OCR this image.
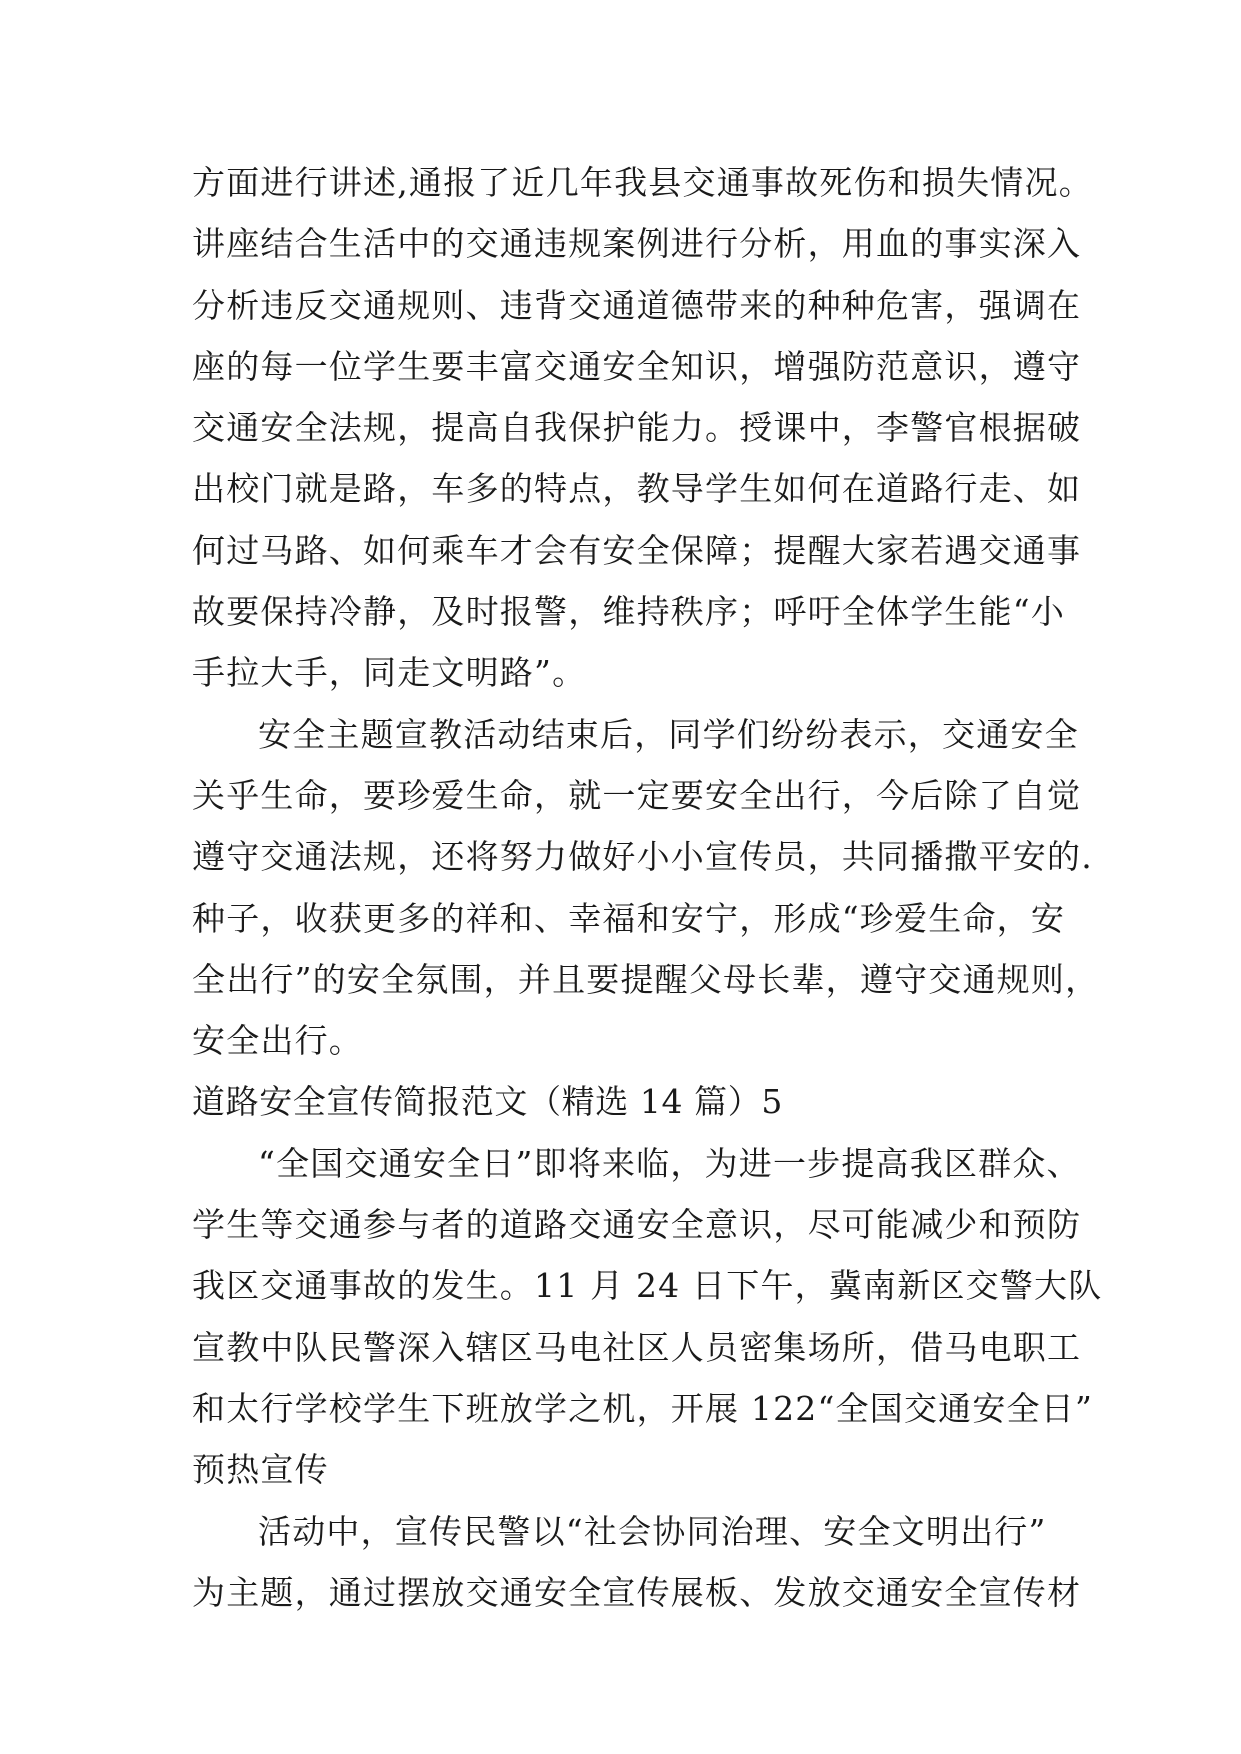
方面进行讲述,通报了近几年我县交通事故死伤和损失情况。
讲座结合生活中的交通违规案例进行分析，用血的事实深入
分析违反交通规则、违背交通道德带来的种种危害，强调在
座的每一位学生要丰富交通安全知识，增强防范意识，遵守
交通安全法规，提高自我保护能力。授课中，李警官根据破
出校门就是路，车多的特点，教导学生如何在道路行走、如
何过马路、如何乘车才会有安全保障；提醒大家若遇交通事
故要保持冷静，及时报警，维持秩序；呼吁全体学生能“小
手拉大手，同走文明路”。
安全主题宣教活动结束后，同学们纷纷表示，交通安全
关乎生命，要珍爱生命，就一定要安全出行，今后除了自觉
遵守交通法规，还将努力做好小小宣传员，共同播撒平安的.
种子，收获更多的祥和、幸福和安宁，形成“珍爱生命，安
全出行”的安全氛围，并且要提醒父母长辈，遵守交通规则，
安全出行。
道路安全宣传简报范文（精选 14 篇）5
“全国交通安全日”即将来临，为进一步提高我区群众、
学生等交通参与者的道路交通安全意识，尽可能减少和预防
我区交通事故的发生。11 月 24 日下午，冀南新区交警大队
宣教中队民警深入辖区马电社区人员密集场所，借马电职工
和太行学校学生下班放学之机，开展 122“全国交通安全日”
预热宣传
活动中，宣传民警以“社会协同治理、安全文明出行”
为主题，通过摆放交通安全宣传展板、发放交通安全宣传材
